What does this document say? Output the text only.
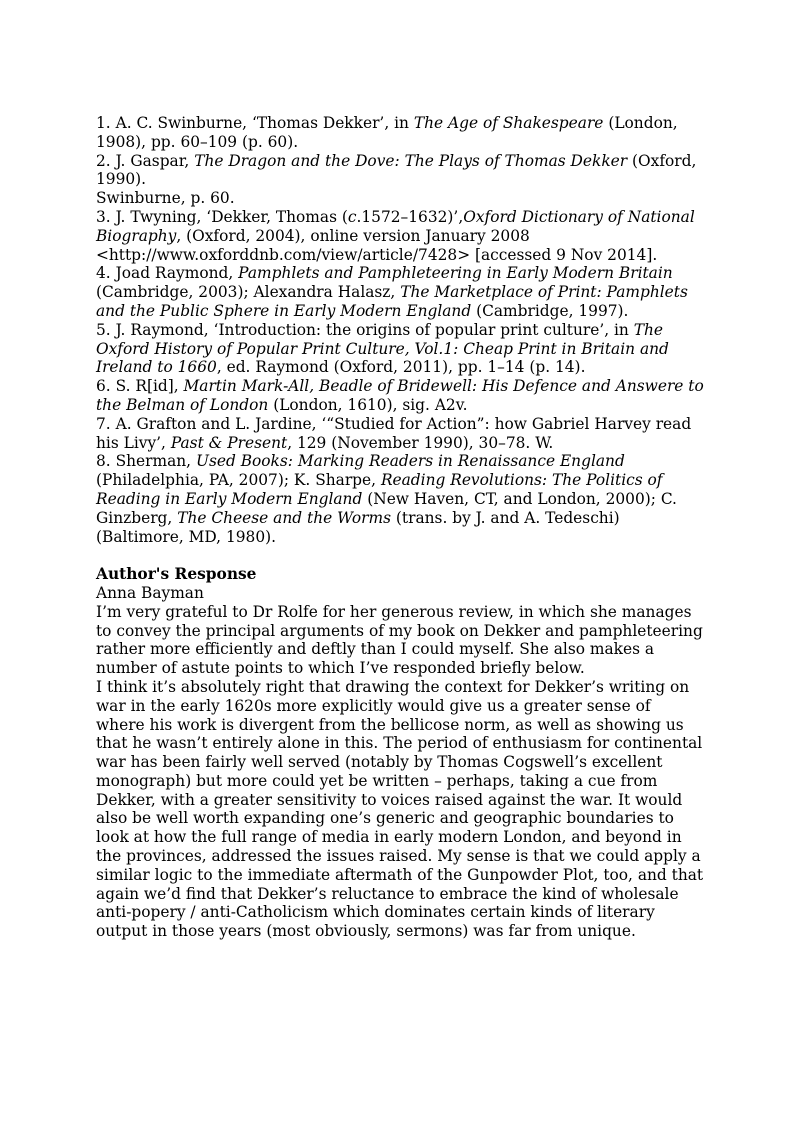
1. A. C. Swinburne, ‘Thomas Dekker’, in The Age of Shakespeare (London, 1908), pp. 60–109 (p. 60).

2. J. Gaspar, The Dragon and the Dove: The Plays of Thomas Dekker (Oxford, 1990).

Swinburne, p. 60.

3. J. Twyning, ‘Dekker, Thomas (c.1572–1632)’,Oxford Dictionary of National Biography, (Oxford, 2004), online version January 2008 <http://www.oxforddnb.com/view/article/7428> [accessed 9 Nov 2014].

4. Joad Raymond, Pamphlets and Pamphleteering in Early Modern Britain (Cambridge, 2003); Alexandra Halasz, The Marketplace of Print: Pamphlets and the Public Sphere in Early Modern England (Cambridge, 1997).

5. J. Raymond, ‘Introduction: the origins of popular print culture’, in The Oxford History of Popular Print Culture, Vol.1: Cheap Print in Britain and Ireland to 1660, ed. Raymond (Oxford, 2011), pp. 1–14 (p. 14).

6. S. R[id], Martin Mark-All, Beadle of Bridewell: His Defence and Answere to the Belman of London (London, 1610), sig. A2v.

7. A. Grafton and L. Jardine, ‘“Studied for Action”: how Gabriel Harvey read his Livy’, Past & Present, 129 (November 1990), 30–78. W.

8. Sherman, Used Books: Marking Readers in Renaissance England (Philadelphia, PA, 2007); K. Sharpe, Reading Revolutions: The Politics of Reading in Early Modern England (New Haven, CT, and London, 2000); C. Ginzberg, The Cheese and the Worms (trans. by J. and A. Tedeschi) (Baltimore, MD, 1980).

Author's Response

Anna Bayman

I’m very grateful to Dr Rolfe for her generous review, in which she manages to convey the principal arguments of my book on Dekker and pamphleteering rather more efficiently and deftly than I could myself. She also makes a number of astute points to which I’ve responded briefly below.

I think it’s absolutely right that drawing the context for Dekker’s writing on war in the early 1620s more explicitly would give us a greater sense of where his work is divergent from the bellicose norm, as well as showing us that he wasn’t entirely alone in this. The period of enthusiasm for continental war has been fairly well served (notably by Thomas Cogswell’s excellent monograph) but more could yet be written – perhaps, taking a cue from Dekker, with a greater sensitivity to voices raised against the war. It would also be well worth expanding one’s generic and geographic boundaries to look at how the full range of media in early modern London, and beyond in the provinces, addressed the issues raised. My sense is that we could apply a similar logic to the immediate aftermath of the Gunpowder Plot, too, and that again we’d find that Dekker’s reluctance to embrace the kind of wholesale anti-popery / anti-Catholicism which dominates certain kinds of literary output in those years (most obviously, sermons) was far from unique.
